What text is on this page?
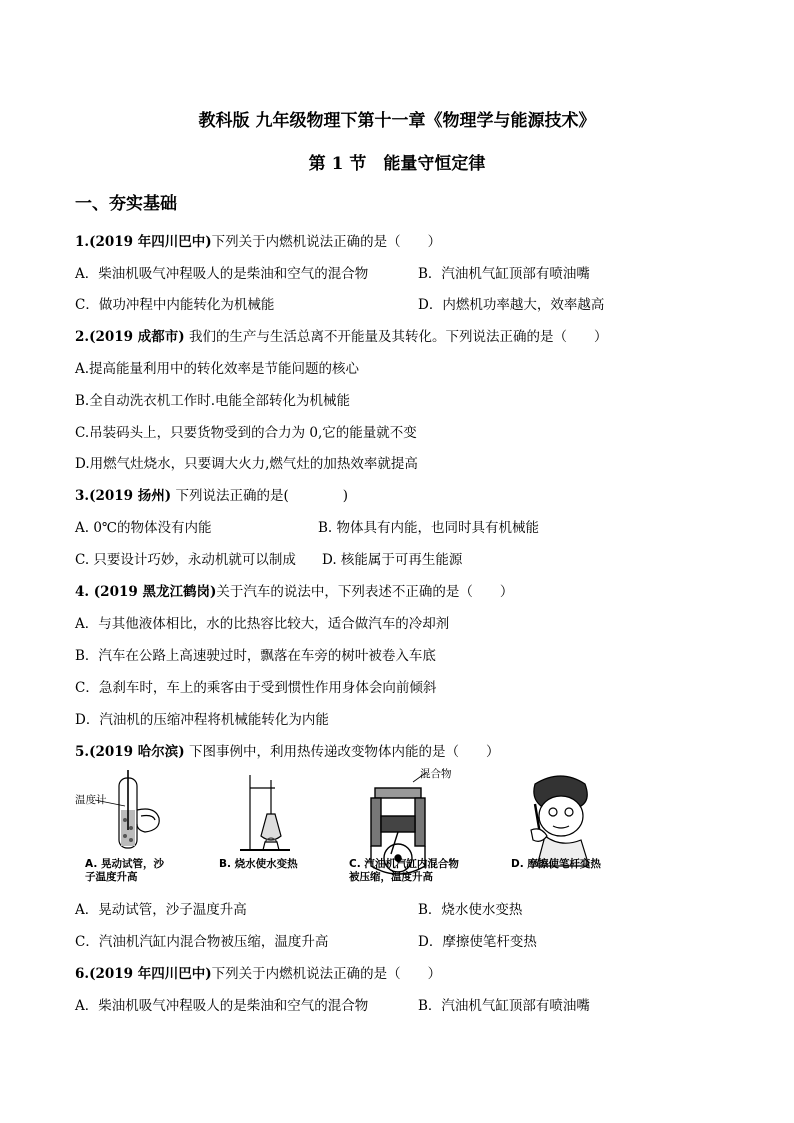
教科版 九年级物理下第十一章《物理学与能源技术》
第 1 节　能量守恒定律
一、夯实基础
1.(2019 年四川巴中)下列关于内燃机说法正确的是（　　）
A．柴油机吸气冲程吸人的是柴油和空气的混合物	B．汽油机气缸顶部有喷油嘴
C．做功冲程中内能转化为机械能	D．内燃机功率越大，效率越高
2.(2019 成都市) 我们的生产与生活总离不开能量及其转化。下列说法正确的是（　　）
A.提高能量利用中的转化效率是节能问题的核心
B.全自动洗衣机工作时.电能全部转化为机械能
C.吊装码头上，只要货物受到的合力为 0,它的能量就不变
D.用燃气灶烧水，只要调大火力,燃气灶的加热效率就提高
3.(2019 扬州) 下列说法正确的是(　　　　)
A. 0℃的物体没有内能	B. 物体具有内能，也同时具有机械能
C. 只要设计巧妙，永动机就可以制成 D. 核能属于可再生能源
4. (2019 黑龙江鹤岗)关于汽车的说法中，下列表述不正确的是（　　）
A．与其他液体相比，水的比热容比较大，适合做汽车的冷却剂
B．汽车在公路上高速驶过时，飘落在车旁的树叶被卷入车底
C．急刹车时，车上的乘客由于受到惯性作用身体会向前倾斜
D．汽油机的压缩冲程将机械能转化为内能
5.(2019 哈尔滨) 下图事例中，利用热传递改变物体内能的是（　　）
温度计
混合物
A. 晃动试管，沙
子温度升高
B. 烧水使水变热	C. 汽油机汽缸内混合物
被压缩，温度升高
D. 摩擦使笔杆变热
A．晃动试管，沙子温度升高	B．烧水使水变热
C．汽油机汽缸内混合物被压缩，温度升高	D．摩擦使笔杆变热
6.(2019 年四川巴中)下列关于内燃机说法正确的是（　　）
A．柴油机吸气冲程吸人的是柴油和空气的混合物	B．汽油机气缸顶部有喷油嘴
